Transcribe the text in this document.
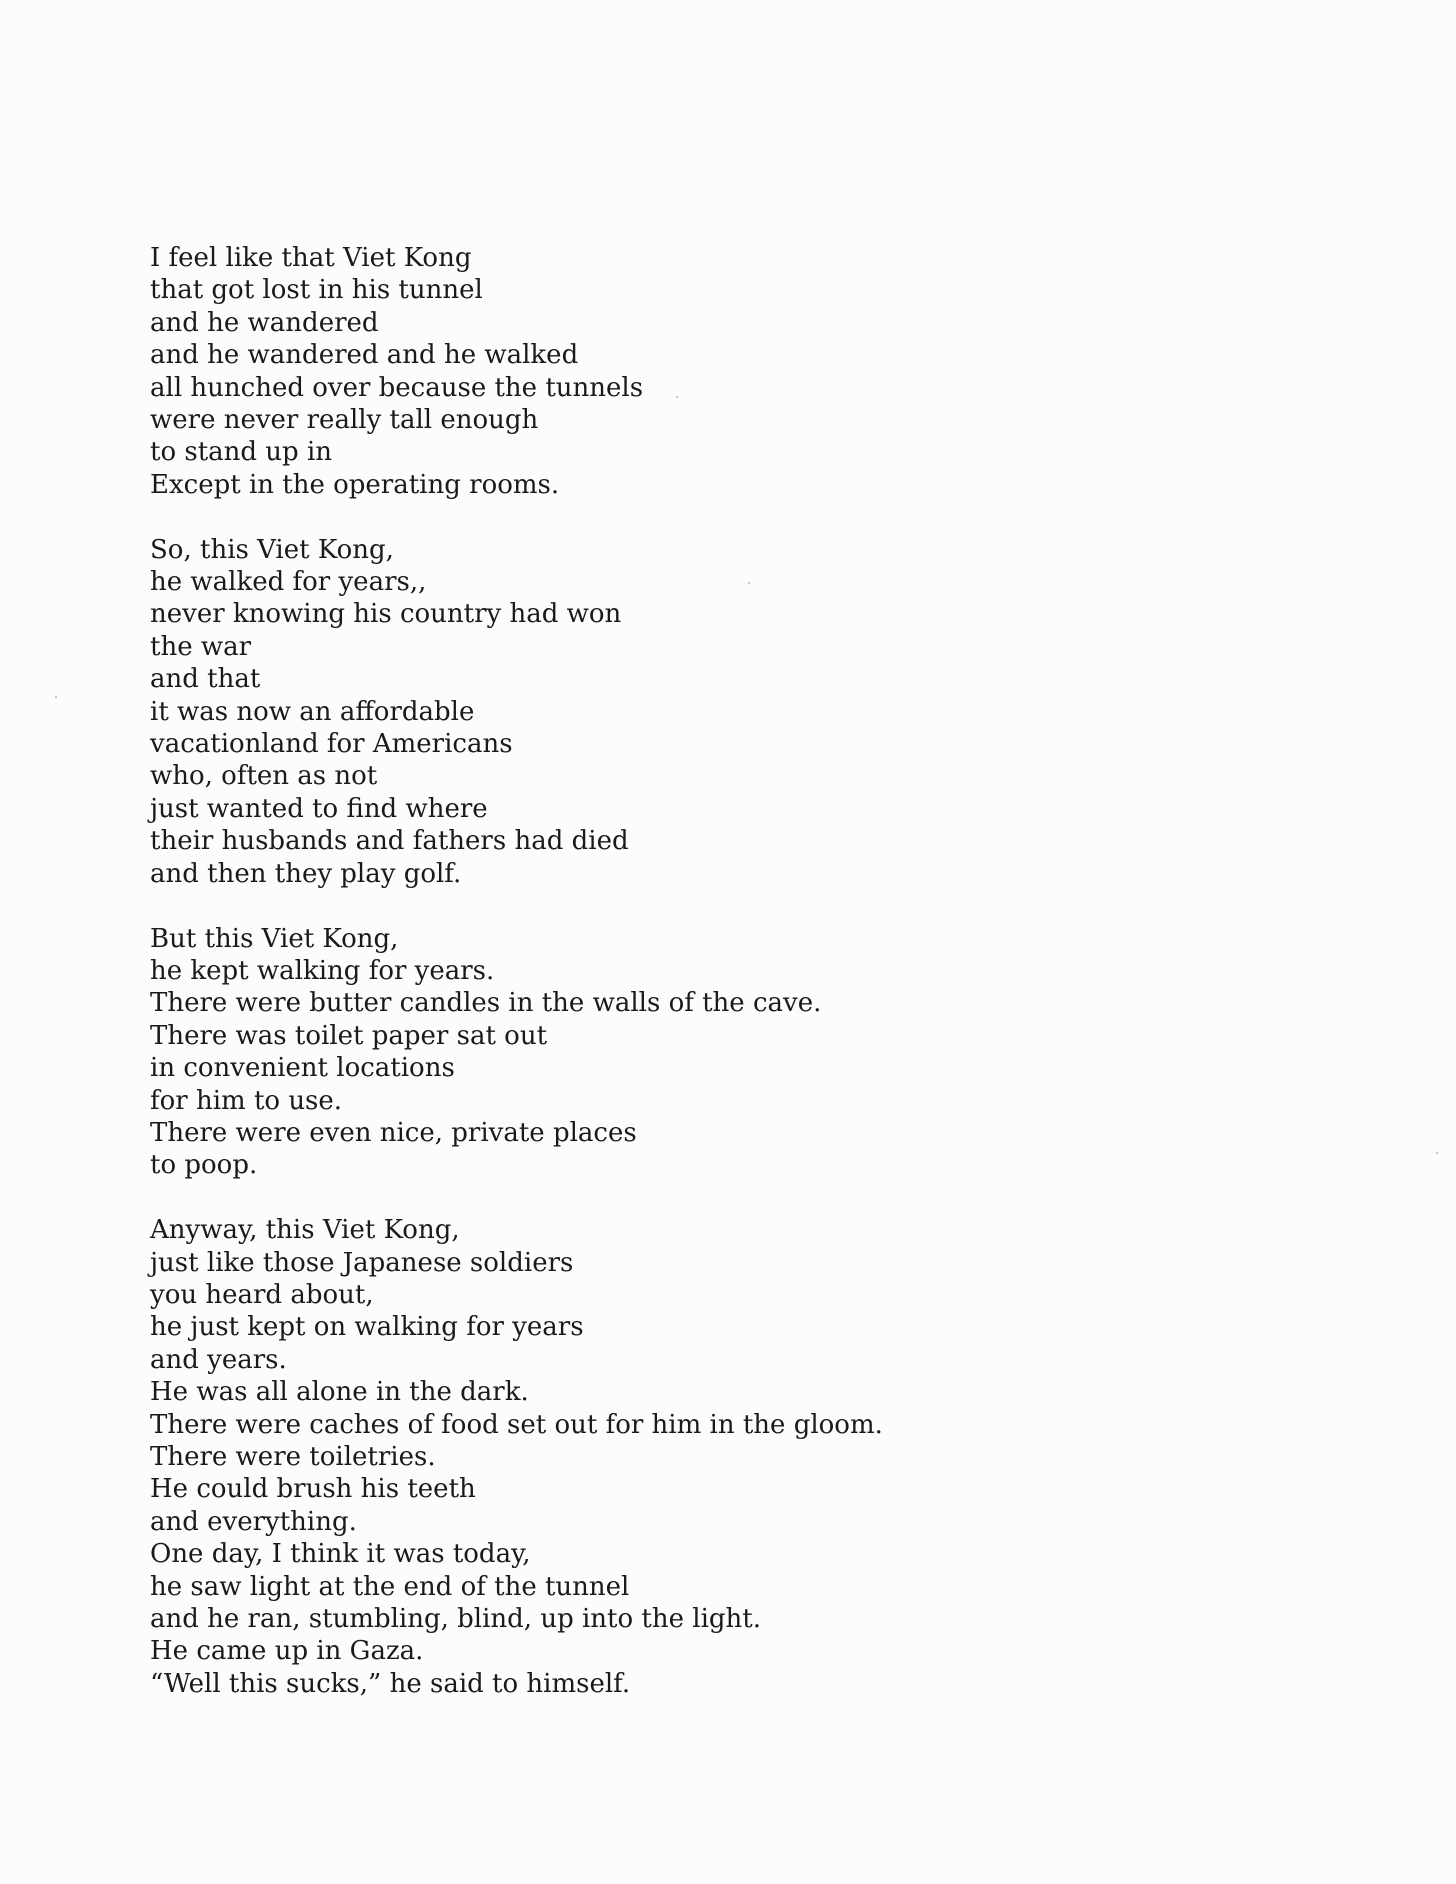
I feel like that Viet Kong
that got lost in his tunnel
and he wandered
and he wandered and he walked
all hunched over because the tunnels
were never really tall enough
to stand up in
Except in the operating rooms.
So, this Viet Kong,
he walked for years,,
never knowing his country had won
the war
and that
it was now an affordable
vacationland for Americans
who, often as not
just wanted to find where
their husbands and fathers had died
and then they play golf.
But this Viet Kong,
he kept walking for years.
There were butter candles in the walls of the cave.
There was toilet paper sat out
in convenient locations
for him to use.
There were even nice, private places
to poop.
Anyway, this Viet Kong,
just like those Japanese soldiers
you heard about,
he just kept on walking for years
and years.
He was all alone in the dark.
There were caches of food set out for him in the gloom.
There were toiletries.
He could brush his teeth
and everything.
One day, I think it was today,
he saw light at the end of the tunnel
and he ran, stumbling, blind, up into the light.
He came up in Gaza.
“Well this sucks,” he said to himself.
